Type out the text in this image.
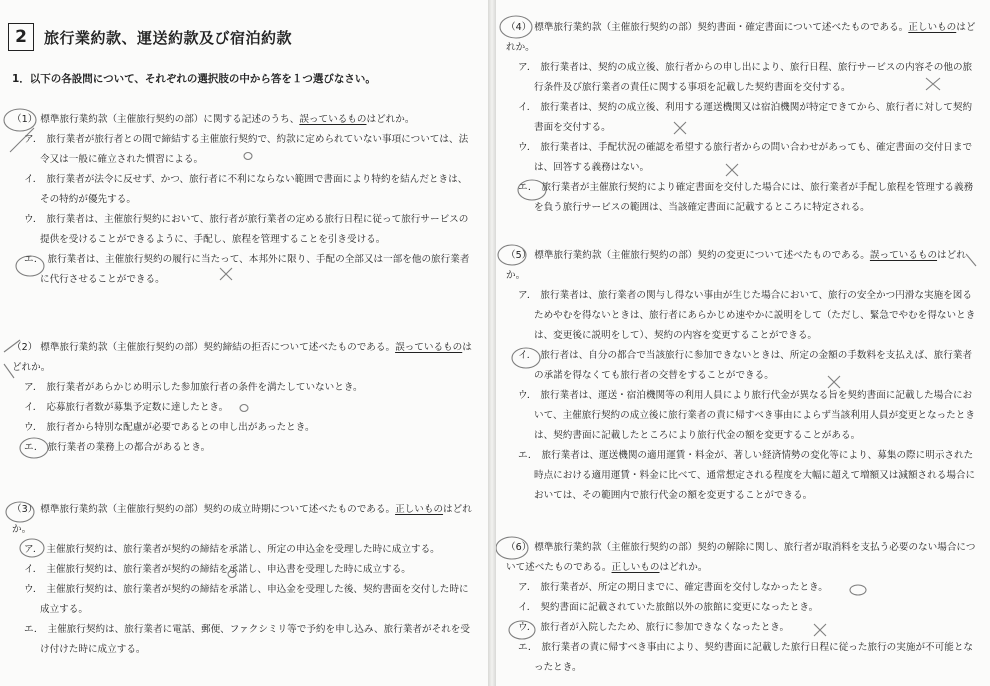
2	旅行業約款、運送約款及び宿泊約款
1．以下の各設問について、それぞれの選択肢の中から答を１つ選びなさい。
（1） 標準旅行業約款（主催旅行契約の部）に関する記述のうち、誤っているものはどれか。
ア． 旅行業者が旅行者との間で締結する主催旅行契約で、約款に定められていない事項については、法令又は一般に確立された慣習による。
イ． 旅行業者が法令に反せず、かつ、旅行者に不利にならない範囲で書面により特約を結んだときは、その特約が優先する。
ウ． 旅行業者は、主催旅行契約において、旅行者が旅行業者の定める旅行日程に従って旅行サービスの提供を受けることができるように、手配し、旅程を管理することを引き受ける。
エ． 旅行業者は、主催旅行契約の履行に当たって、本邦外に限り、手配の全部又は一部を他の旅行業者に代行させることができる。
（2） 標準旅行業約款（主催旅行契約の部）契約締結の拒否について述べたものである。誤っているものはどれか。
ア． 旅行業者があらかじめ明示した参加旅行者の条件を満たしていないとき。
イ． 応募旅行者数が募集予定数に達したとき。
ウ． 旅行者から特別な配慮が必要であるとの申し出があったとき。
エ． 旅行業者の業務上の都合があるとき。
（3） 標準旅行業約款（主催旅行契約の部）契約の成立時期について述べたものである。正しいものはどれか。
ア． 主催旅行契約は、旅行業者が契約の締結を承諾し、所定の申込金を受理した時に成立する。
イ． 主催旅行契約は、旅行業者が契約の締結を承諾し、申込書を受理した時に成立する。
ウ． 主催旅行契約は、旅行業者が契約の締結を承諾し、申込金を受理した後、契約書面を交付した時に成立する。
エ． 主催旅行契約は、旅行業者に電話、郵便、ファクシミリ等で予約を申し込み、旅行業者がそれを受け付けた時に成立する。
（4） 標準旅行業約款（主催旅行契約の部）契約書面・確定書面について述べたものである。正しいものはどれか。
ア． 旅行業者は、契約の成立後、旅行者からの申し出により、旅行日程、旅行サービスの内容その他の旅行条件及び旅行業者の責任に関する事項を記載した契約書面を交付する。
イ． 旅行業者は、契約の成立後、利用する運送機関又は宿泊機関が特定できてから、旅行者に対して契約書面を交付する。
ウ． 旅行業者は、手配状況の確認を希望する旅行者からの問い合わせがあっても、確定書面の交付日までは、回答する義務はない。
エ． 旅行業者が主催旅行契約により確定書面を交付した場合には、旅行業者が手配し旅程を管理する義務を負う旅行サービスの範囲は、当該確定書面に記載するところに特定される。
（5） 標準旅行業約款（主催旅行契約の部）契約の変更について述べたものである。誤っているものはどれか。
ア． 旅行業者は、旅行業者の関与し得ない事由が生じた場合において、旅行の安全かつ円滑な実施を図るためやむを得ないときは、旅行者にあらかじめ速やかに説明をして（ただし、緊急でやむを得ないときは、変更後に説明をして）、契約の内容を変更することができる。
イ． 旅行者は、自分の都合で当該旅行に参加できないときは、所定の金額の手数料を支払えば、旅行業者の承諾を得なくても旅行者の交替をすることができる。
ウ． 旅行業者は、運送・宿泊機関等の利用人員により旅行代金が異なる旨を契約書面に記載した場合において、主催旅行契約の成立後に旅行業者の責に帰すべき事由によらず当該利用人員が変更となったときは、契約書面に記載したところにより旅行代金の額を変更することがある。
エ． 旅行業者は、運送機関の適用運賃・料金が、著しい経済情勢の変化等により、募集の際に明示された時点における適用運賃・料金に比べて、通常想定される程度を大幅に超えて増額又は減額される場合においては、その範囲内で旅行代金の額を変更することができる。
（6） 標準旅行業約款（主催旅行契約の部）契約の解除に関し、旅行者が取消料を支払う必要のない場合について述べたものである。正しいものはどれか。
ア． 旅行業者が、所定の期日までに、確定書面を交付しなかったとき。
イ． 契約書面に記載されていた旅館以外の旅館に変更になったとき。
ウ． 旅行者が入院したため、旅行に参加できなくなったとき。
エ． 旅行業者の責に帰すべき事由により、契約書面に記載した旅行日程に従った旅行の実施が不可能となったとき。
